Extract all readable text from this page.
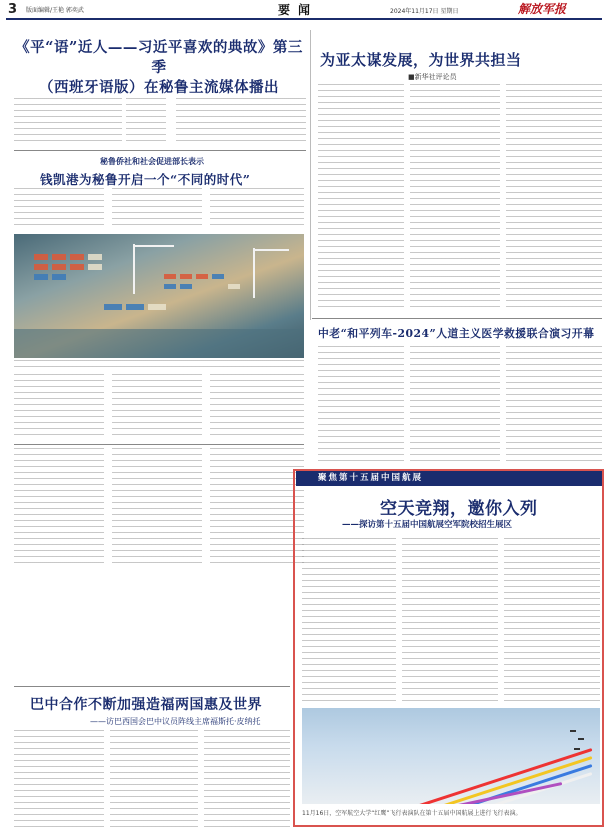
3 版面编辑/王艳 郭奕武	要闻	2024年11月17日 星期日	解放军报
《平“语”近人——习近平喜欢的典故》第三季
（西班牙语版）在秘鲁主流媒体播出
秘鲁侨社和社会促进部长表示
钱凯港为秘鲁开启一个“不同的时代”
为亚太谋发展，为世界共担当
■新华社评论员
中老“和平列车-2024”人道主义医学救援联合演习开幕
聚焦第十五届中国航展
空天竞翔，邀你入列
——探访第十五届中国航展空军院校招生展区
11月16日，空军航空大学“红鹰”飞行表演队在第十五届中国航展上进行飞行表演。
巴中合作不断加强造福两国惠及世界
——访巴西国会巴中议员阵线主席福斯托·皮纳托
